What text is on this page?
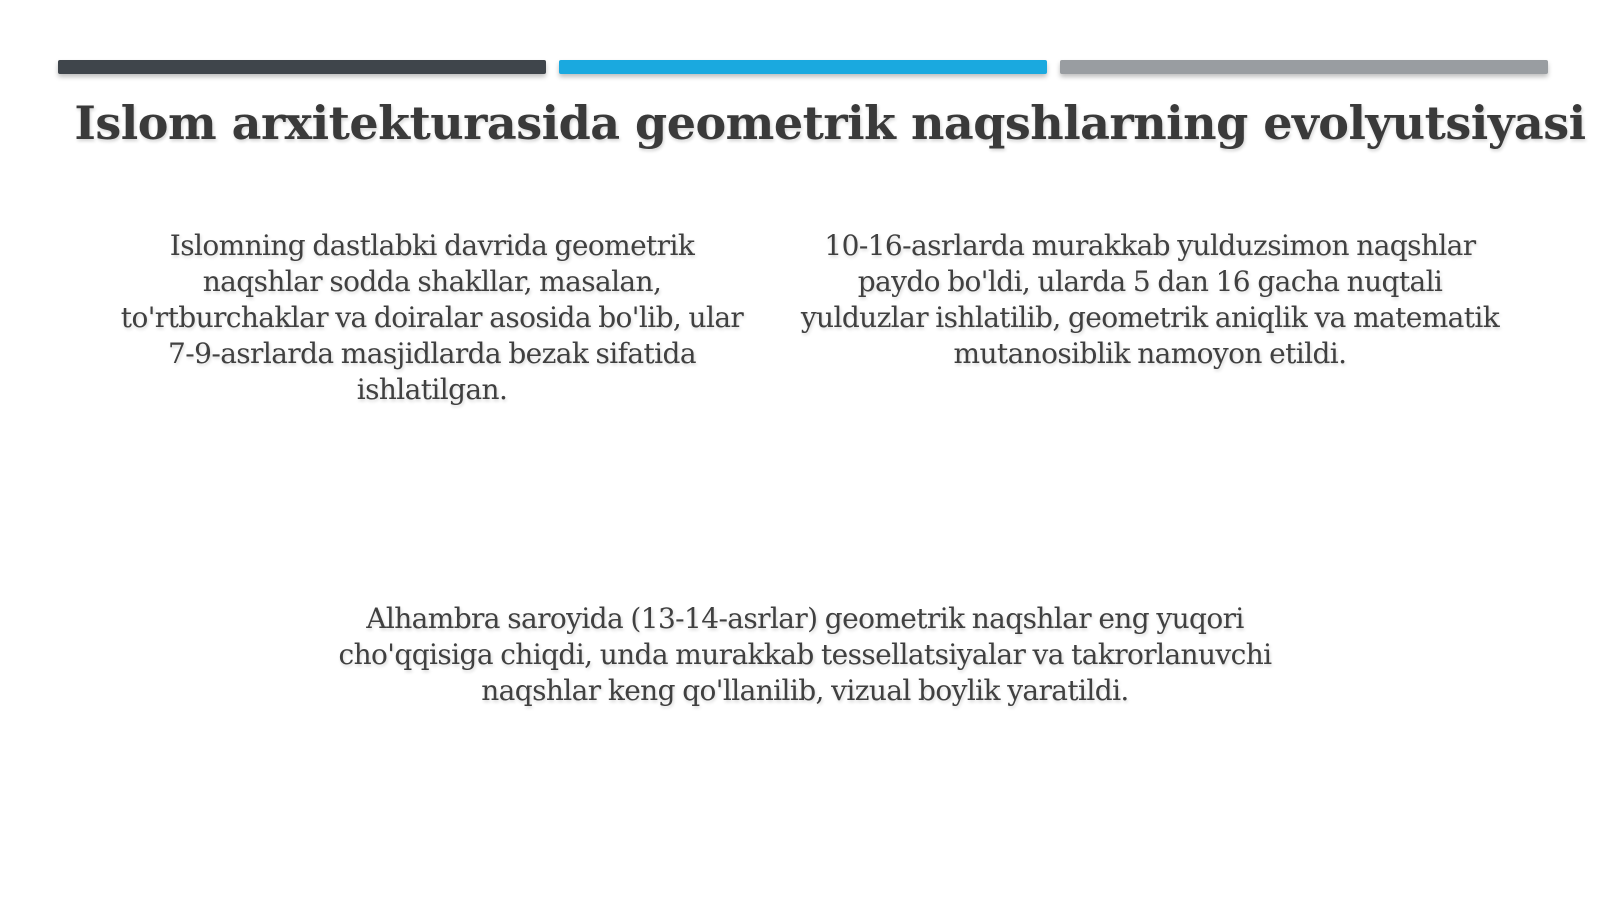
Islom arxitekturasida geometrik naqshlarning evolyutsiyasi

Islomning dastlabki davrida geometrik naqshlar sodda shakllar, masalan, to'rtburchaklar va doiralar asosida bo'lib, ular 7-9-asrlarda masjidlarda bezak sifatida ishlatilgan.

10-16-asrlarda murakkab yulduzsimon naqshlar paydo bo'ldi, ularda 5 dan 16 gacha nuqtali yulduzlar ishlatilib, geometrik aniqlik va matematik mutanosiblik namoyon etildi.

Alhambra saroyida (13-14-asrlar) geometrik naqshlar eng yuqori cho'qqisiga chiqdi, unda murakkab tessellatsiyalar va takrorlanuvchi naqshlar keng qo'llanilib, vizual boylik yaratildi.
